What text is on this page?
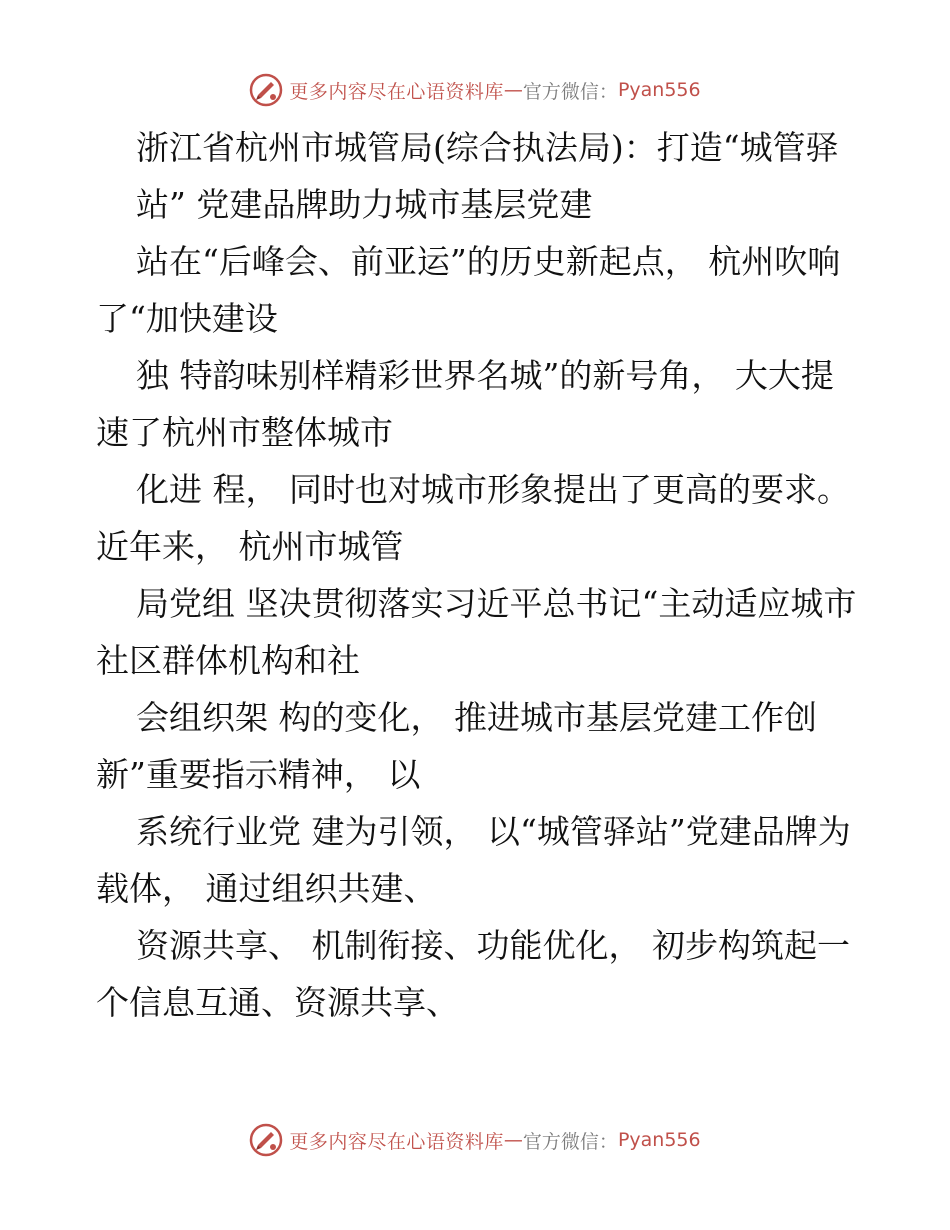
更多内容尽在心语资料库 — 官方微信： Pyan556

浙江省杭州市城管局(综合执法局)：打造“城管驿

站” 党建品牌助力城市基层党建

站在“后峰会、前亚运”的历史新起点， 杭州吹响了“加快建设

独 特韵味别样精彩世界名城”的新号角， 大大提速了杭州市整体城市

化进 程， 同时也对城市形象提出了更高的要求。近年来， 杭州市城管

局党组 坚决贯彻落实习近平总书记“主动适应城市社区群体机构和社

会组织架 构的变化， 推进城市基层党建工作创新”重要指示精神， 以

系统行业党 建为引领， 以“城管驿站”党建品牌为载体， 通过组织共建、

资源共享、 机制衔接、功能优化， 初步构筑起一个信息互通、资源共享、

更多内容尽在心语资料库 — 官方微信： Pyan556
